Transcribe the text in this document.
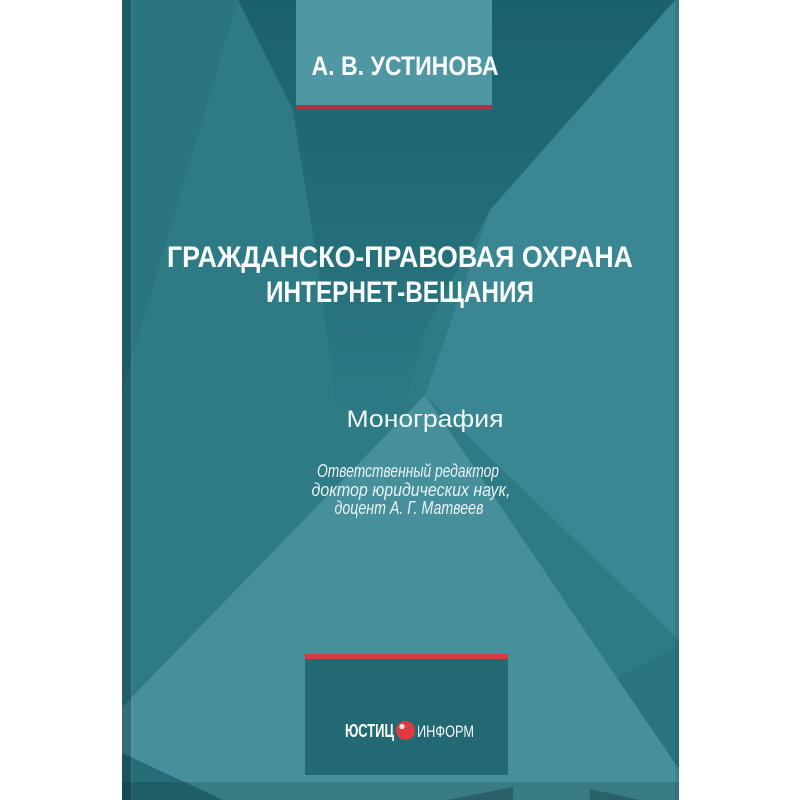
А. В. УСТИНОВА
ГРАЖДАНСКО-ПРАВОВАЯ ОХРАНА
ИНТЕРНЕТ-ВЕЩАНИЯ
Монография
Ответственный редактор
доктор юридических наук,
доцент А. Г. Матвеев
ЮСТИЦ ИНФОРМ
